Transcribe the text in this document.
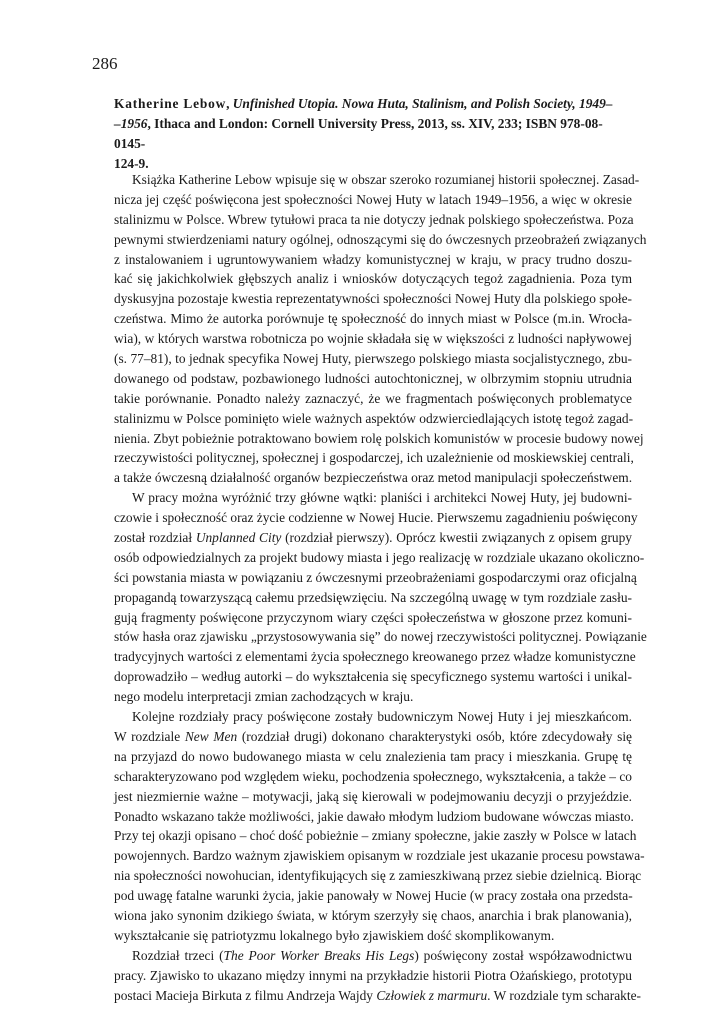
286

Katherine Lebow, Unfinished Utopia. Nowa Huta, Stalinism, and Polish Society, 1949–
–1956, Ithaca and London: Cornell University Press, 2013, ss. XIV, 233; ISBN 978-08-0145-
124-9.

Książka Katherine Lebow wpisuje się w obszar szeroko rozumianej historii społecznej. Zasad-
nicza jej część poświęcona jest społeczności Nowej Huty w latach 1949–1956, a więc w okresie
stalinizmu w Polsce. Wbrew tytułowi praca ta nie dotyczy jednak polskiego społeczeństwa. Poza
pewnymi stwierdzeniami natury ogólnej, odnoszącymi się do ówczesnych przeobrażeń związanych
z instalowaniem i ugruntowywaniem władzy komunistycznej w kraju, w pracy trudno doszu-
kać się jakichkolwiek głębszych analiz i wniosków dotyczących tegoż zagadnienia. Poza tym
dyskusyjna pozostaje kwestia reprezentatywności społeczności Nowej Huty dla polskiego społe-
czeństwa. Mimo że autorka porównuje tę społeczność do innych miast w Polsce (m.in. Wrocła-
wia), w których warstwa robotnicza po wojnie składała się w większości z ludności napływowej
(s. 77–81), to jednak specyfika Nowej Huty, pierwszego polskiego miasta socjalistycznego, zbu-
dowanego od podstaw, pozbawionego ludności autochtonicznej, w olbrzymim stopniu utrudnia
takie porównanie. Ponadto należy zaznaczyć, że we fragmentach poświęconych problematyce
stalinizmu w Polsce pominięto wiele ważnych aspektów odzwierciedlających istotę tegoż zagad-
nienia. Zbyt pobieżnie potraktowano bowiem rolę polskich komunistów w procesie budowy nowej
rzeczywistości politycznej, społecznej i gospodarczej, ich uzależnienie od moskiewskiej centrali,
a także ówczesną działalność organów bezpieczeństwa oraz metod manipulacji społeczeństwem.
W pracy można wyróżnić trzy główne wątki: planiści i architekci Nowej Huty, jej budowni-
czowie i społeczność oraz życie codzienne w Nowej Hucie. Pierwszemu zagadnieniu poświęcony
został rozdział Unplanned City (rozdział pierwszy). Oprócz kwestii związanych z opisem grupy
osób odpowiedzialnych za projekt budowy miasta i jego realizację w rozdziale ukazano okoliczno-
ści powstania miasta w powiązaniu z ówczesnymi przeobrażeniami gospodarczymi oraz oficjalną
propagandą towarzyszącą całemu przedsięwzięciu. Na szczególną uwagę w tym rozdziale zasłu-
gują fragmenty poświęcone przyczynom wiary części społeczeństwa w głoszone przez komuni-
stów hasła oraz zjawisku „przystosowywania się” do nowej rzeczywistości politycznej. Powiązanie
tradycyjnych wartości z elementami życia społecznego kreowanego przez władze komunistyczne
doprowadziło – według autorki – do wykształcenia się specyficznego systemu wartości i unikal-
nego modelu interpretacji zmian zachodzących w kraju.
Kolejne rozdziały pracy poświęcone zostały budowniczym Nowej Huty i jej mieszkańcom.
W rozdziale New Men (rozdział drugi) dokonano charakterystyki osób, które zdecydowały się
na przyjazd do nowo budowanego miasta w celu znalezienia tam pracy i mieszkania. Grupę tę
scharakteryzowano pod względem wieku, pochodzenia społecznego, wykształcenia, a także – co
jest niezmiernie ważne – motywacji, jaką się kierowali w podejmowaniu decyzji o przyjeździe.
Ponadto wskazano także możliwości, jakie dawało młodym ludziom budowane wówczas miasto.
Przy tej okazji opisano – choć dość pobieżnie – zmiany społeczne, jakie zaszły w Polsce w latach
powojennych. Bardzo ważnym zjawiskiem opisanym w rozdziale jest ukazanie procesu powstawa-
nia społeczności nowohucian, identyfikujących się z zamieszkiwaną przez siebie dzielnicą. Biorąc
pod uwagę fatalne warunki życia, jakie panowały w Nowej Hucie (w pracy została ona przedsta-
wiona jako synonim dzikiego świata, w którym szerzyły się chaos, anarchia i brak planowania),
wykształcanie się patriotyzmu lokalnego było zjawiskiem dość skomplikowanym.
Rozdział trzeci (The Poor Worker Breaks His Legs) poświęcony został współzawodnictwu
pracy. Zjawisko to ukazano między innymi na przykładzie historii Piotra Ożańskiego, prototypu
postaci Macieja Birkuta z filmu Andrzeja Wajdy Człowiek z marmuru. W rozdziale tym scharakte-
